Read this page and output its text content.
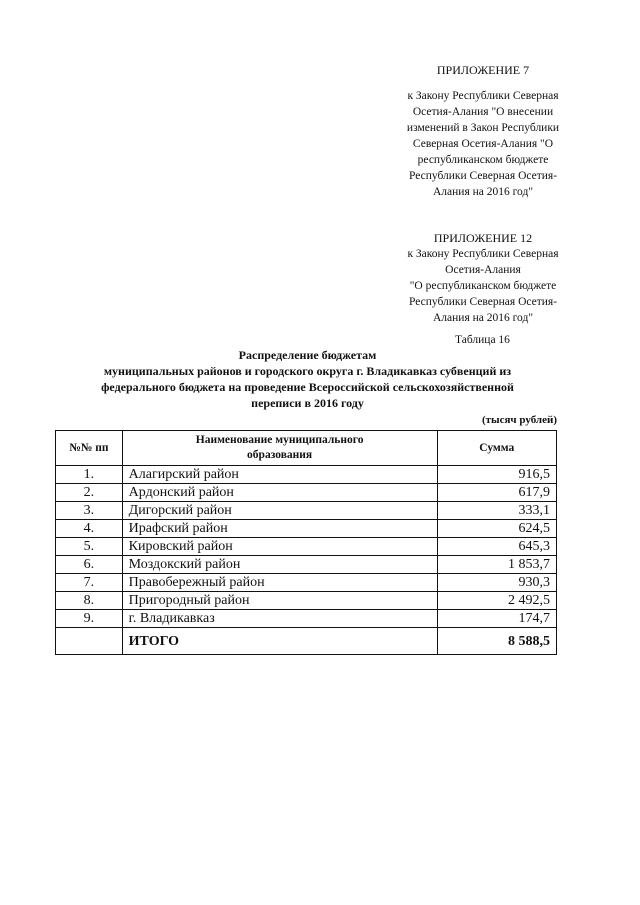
ПРИЛОЖЕНИЕ 7
к Закону Республики Северная
Осетия-Алания "О внесении
изменений в Закон Республики
Северная Осетия-Алания "О
республиканском бюджете
Республики Северная Осетия-
Алания на 2016 год"
ПРИЛОЖЕНИЕ 12
к Закону Республики Северная
Осетия-Алания
"О республиканском бюджете
Республики Северная Осетия-
Алания на 2016 год"
Таблица 16
Распределение бюджетам
муниципальных районов и городского округа г. Владикавказ субвенций из
федерального бюджета на проведение Всероссийской сельскохозяйственной
переписи в 2016 году
(тысяч рублей)
№№ пп	Наименование муниципального
образования	Сумма
1.	Алагирский район	916,5
2.	Ардонский район	617,9
3.	Дигорский район	333,1
4.	Ирафский район	624,5
5.	Кировский район	645,3
6.	Моздокский район	1 853,7
7.	Правобережный район	930,3
8.	Пригородный район	2 492,5
9.	г. Владикавказ	174,7
	ИТОГО	8 588,5
